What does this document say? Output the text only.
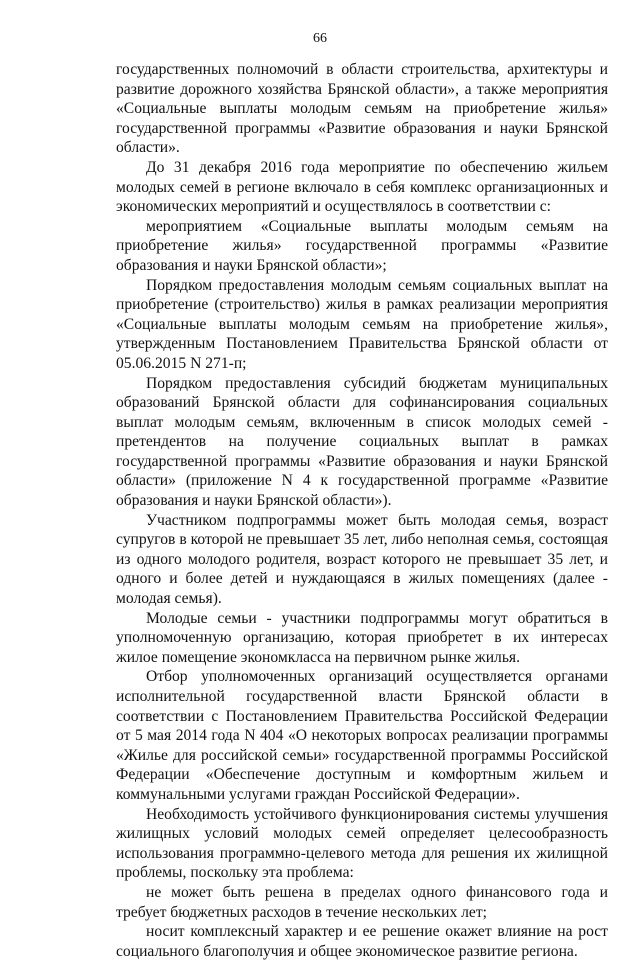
66

государственных полномочий в области строительства, архитектуры и развитие дорожного хозяйства Брянской области», а также мероприятия «Социальные выплаты молодым семьям на приобретение жилья» государственной программы «Развитие образования и науки Брянской области».

До 31 декабря 2016 года мероприятие по обеспечению жильем молодых семей в регионе включало в себя комплекс организационных и экономических мероприятий и осуществлялось в соответствии с:

мероприятием «Социальные выплаты молодым семьям на приобретение жилья» государственной программы «Развитие образования и науки Брянской области»;

Порядком предоставления молодым семьям социальных выплат на приобретение (строительство) жилья в рамках реализации мероприятия «Социальные выплаты молодым семьям на приобретение жилья», утвержденным Постановлением Правительства Брянской области от 05.06.2015 N 271-п;

Порядком предоставления субсидий бюджетам муниципальных образований Брянской области для софинансирования социальных выплат молодым семьям, включенным в список молодых семей - претендентов на получение социальных выплат в рамках государственной программы «Развитие образования и науки Брянской области» (приложение N 4 к государственной программе «Развитие образования и науки Брянской области»).

Участником подпрограммы может быть молодая семья, возраст супругов в которой не превышает 35 лет, либо неполная семья, состоящая из одного молодого родителя, возраст которого не превышает 35 лет, и одного и более детей и нуждающаяся в жилых помещениях (далее - молодая семья).

Молодые семьи - участники подпрограммы могут обратиться в уполномоченную организацию, которая приобретет в их интересах жилое помещение экономкласса на первичном рынке жилья.

Отбор уполномоченных организаций осуществляется органами исполнительной государственной власти Брянской области в соответствии с Постановлением Правительства Российской Федерации от 5 мая 2014 года N 404 «О некоторых вопросах реализации программы «Жилье для российской семьи» государственной программы Российской Федерации «Обеспечение доступным и комфортным жильем и коммунальными услугами граждан Российской Федерации».

Необходимость устойчивого функционирования системы улучшения жилищных условий молодых семей определяет целесообразность использования программно-целевого метода для решения их жилищной проблемы, поскольку эта проблема:

не может быть решена в пределах одного финансового года и требует бюджетных расходов в течение нескольких лет;

носит комплексный характер и ее решение окажет влияние на рост социального благополучия и общее экономическое развитие региона.
